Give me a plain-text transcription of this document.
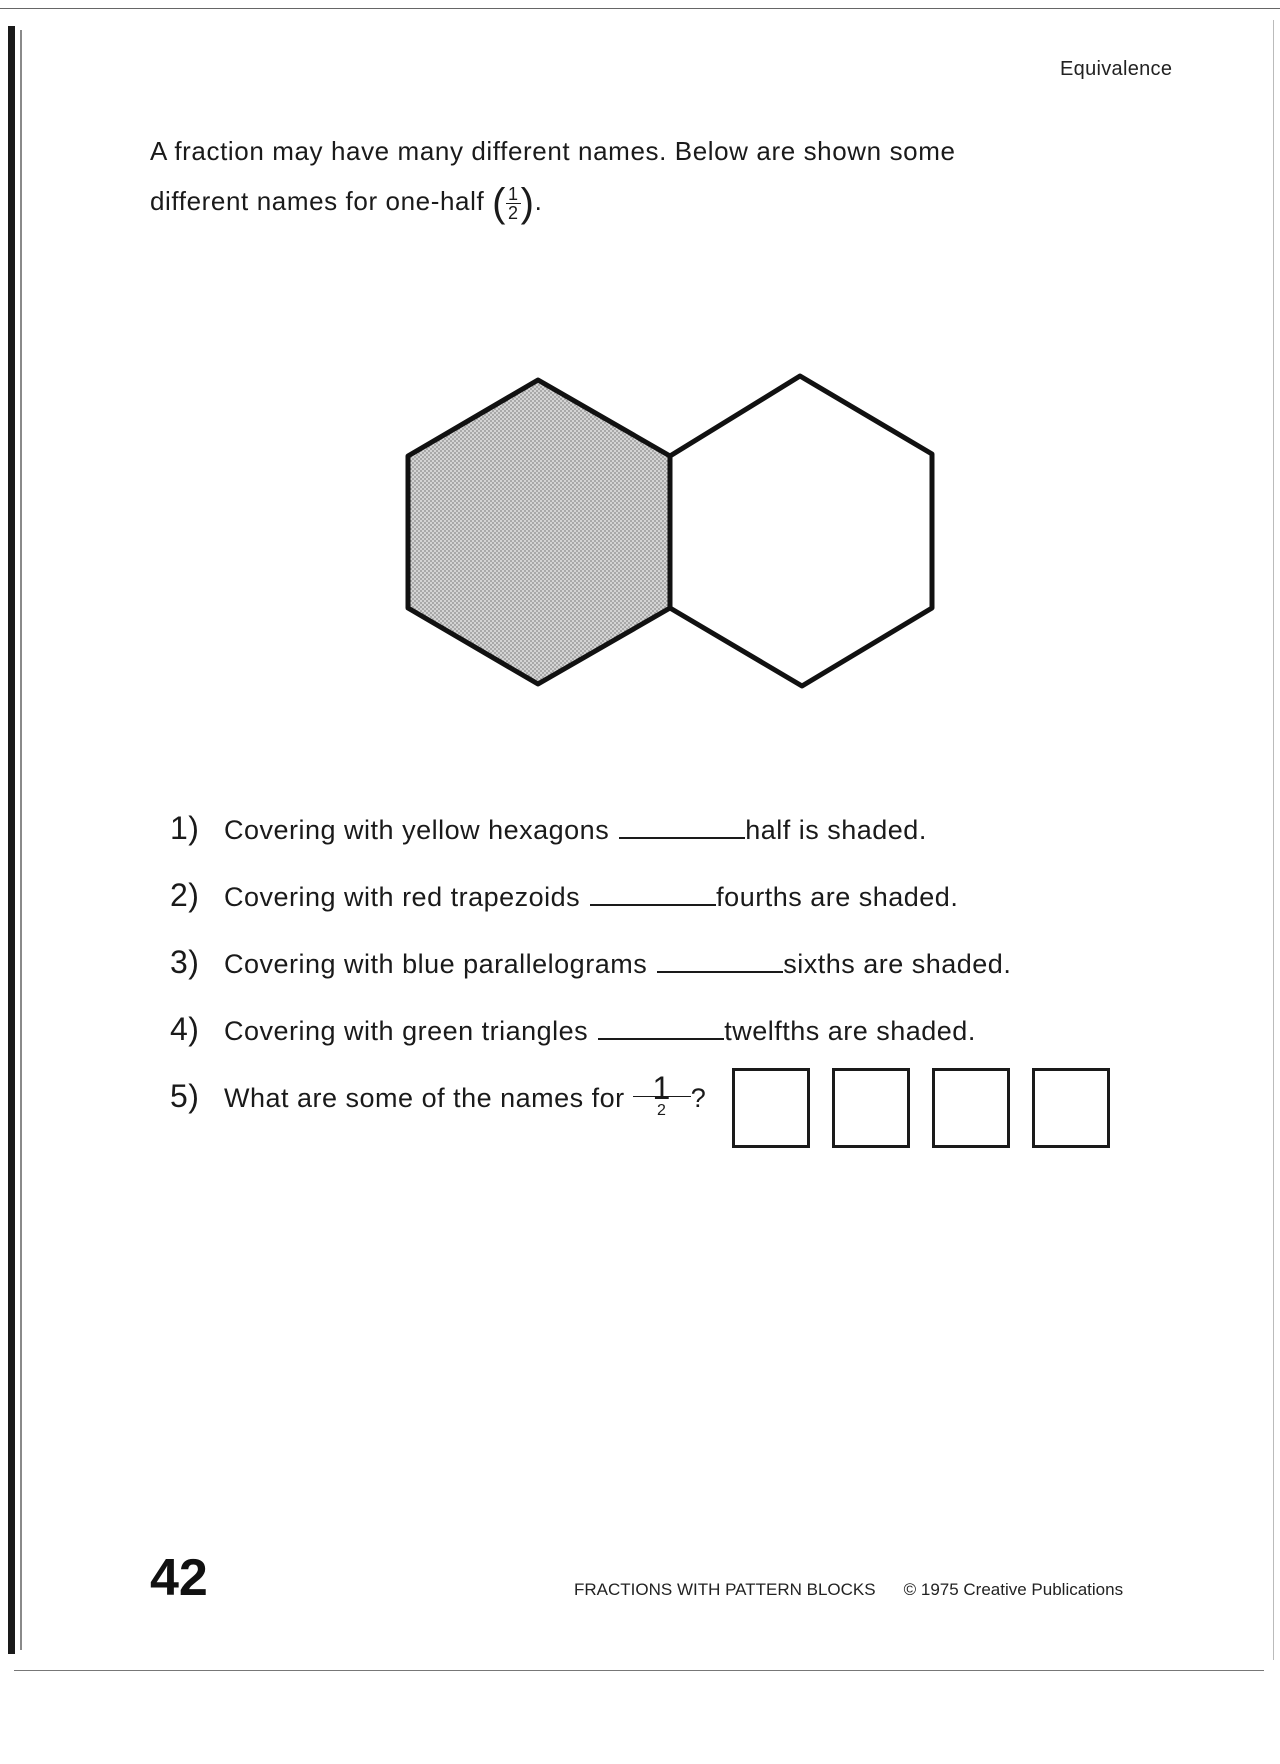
Equivalence
A fraction may have many different names. Below are shown some
different names for one-half ( $\frac{1}{2}$ ).
1) Covering with yellow hexagons	half is shaded.
2) Covering with red trapezoids	fourths are shaded.
3) Covering with blue parallelograms	sixths are shaded.
4) Covering with green triangles	twelfths are shaded.
5) What are some of the names for $\frac{1}{2}$ ?
42	FRACTIONS WITH PATTERN BLOCKS © 1975 Creative Publications
